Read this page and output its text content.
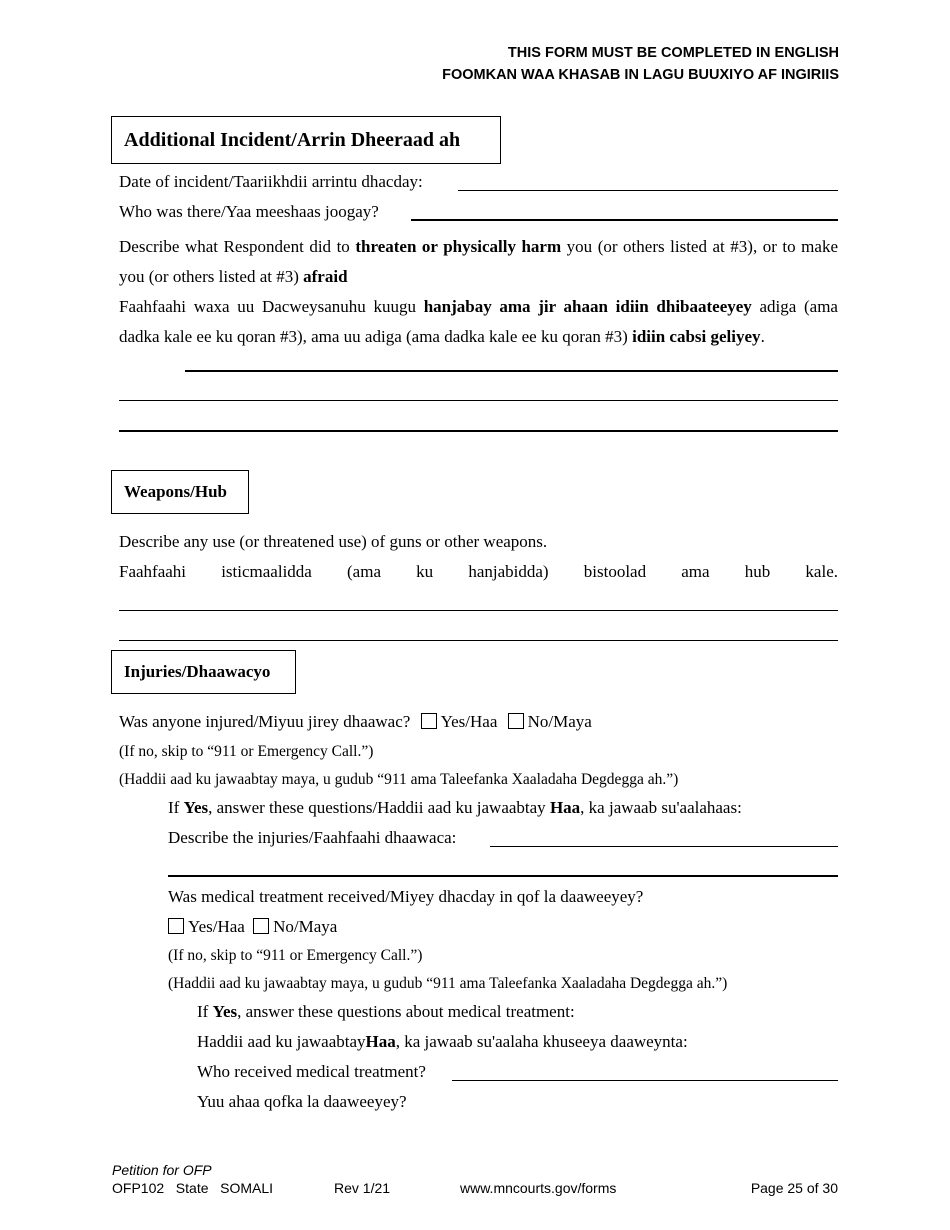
THIS FORM MUST BE COMPLETED IN ENGLISH
FOOMKAN WAA KHASAB IN LAGU BUUXIYO AF INGIRIIS
Additional Incident/Arrin Dheeraad ah
Date of incident/Taariikhdii arrintu dhacday:
Who was there/Yaa meeshaas joogay?
Describe what Respondent did to threaten or physically harm you (or others listed at #3), or to make you (or others listed at #3) afraid
Faahfaahi waxa uu Dacweysanuhu kuugu hanjabay ama jir ahaan idiin dhibaateeyey adiga (ama dadka kale ee ku qoran #3), ama uu adiga (ama dadka kale ee ku qoran #3) idiin cabsi geliyey.
Weapons/Hub
Describe any use (or threatened use) of guns or other weapons.
Faahfaahi isticmaalidda (ama ku hanjabidda) bistoolad ama hub kale.
Injuries/Dhaawacyo
Was anyone injured/Miyuu jirey dhaawac? Yes/Haa No/Maya
(If no, skip to “911 or Emergency Call.”)
(Haddii aad ku jawaabtay maya, u gudub “911 ama Taleefanka Xaaladaha Degdegga ah.”)
If Yes, answer these questions/Haddii aad ku jawaabtay Haa, ka jawaab su'aalahaas:
Describe the injuries/Faahfaahi dhaawaca:
Was medical treatment received/Miyey dhacday in qof la daaweeyey?
Yes/Haa No/Maya
(If no, skip to “911 or Emergency Call.”)
(Haddii aad ku jawaabtay maya, u gudub “911 ama Taleefanka Xaaladaha Degdegga ah.”)
If Yes, answer these questions about medical treatment:
Haddii aad ku jawaabtayHaa, ka jawaab su'aalaha khuseeya daaweynta:
Who received medical treatment?
Yuu ahaa qofka la daaweeyey?
Petition for OFP
OFP102   State   SOMALI	Rev 1/21	www.mncourts.gov/forms	Page 25 of 30
